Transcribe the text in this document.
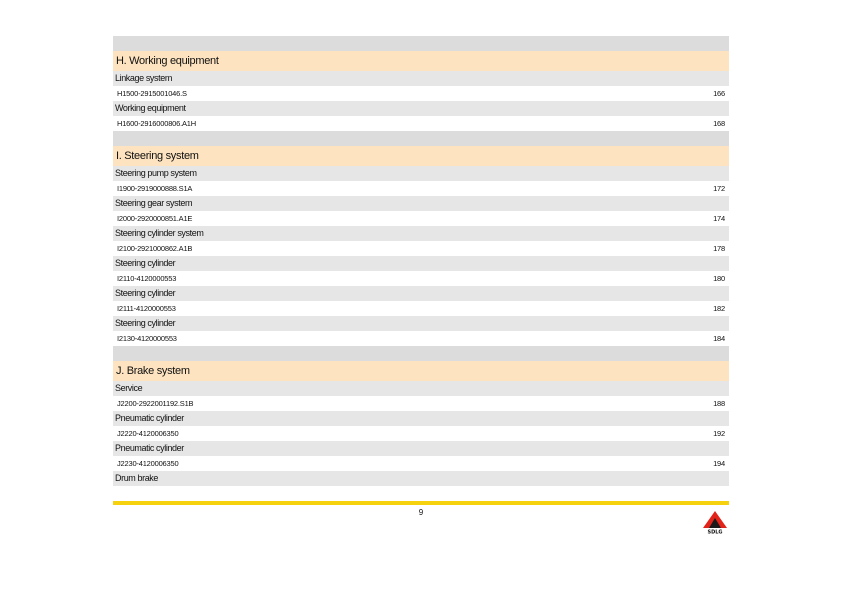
H. Working equipment
Linkage system
H1500-2915001046.S	166
Working equipment
H1600-2916000806.A1H	168
I. Steering system
Steering pump system
I1900-2919000888.S1A	172
Steering gear system
I2000-2920000851.A1E	174
Steering cylinder system
I2100-2921000862.A1B	178
Steering cylinder
I2110-4120000553	180
Steering cylinder
I2111-4120000553	182
Steering cylinder
I2130-4120000553	184
J. Brake system
Service
J2200-2922001192.S1B	188
Pneumatic cylinder
J2220-4120006350	192
Pneumatic cylinder
J2230-4120006350	194
Drum brake
9
SDLG
